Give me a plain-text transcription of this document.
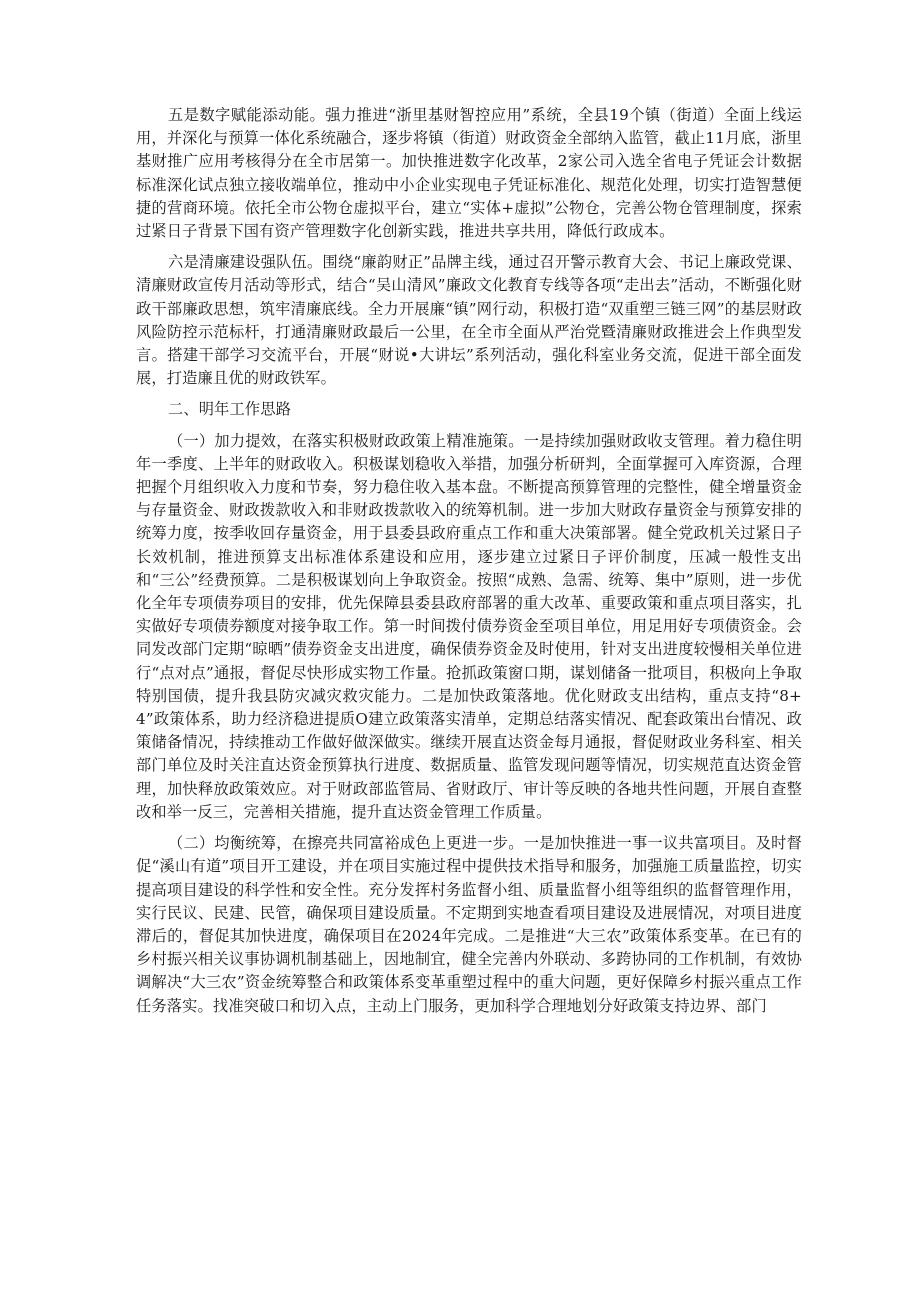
五是数字赋能添动能。强力推进“浙里基财智控应用”系统，全县19个镇（街道）全面上线运用，并深化与预算一体化系统融合，逐步将镇（街道）财政资金全部纳入监管，截止11月底，浙里基财推广应用考核得分在全市居第一。加快推进数字化改革，2家公司入选全省电子凭证会计数据标准深化试点独立接收端单位，推动中小企业实现电子凭证标准化、规范化处理，切实打造智慧便捷的营商环境。依托全市公物仓虚拟平台，建立“实体+虚拟”公物仓，完善公物仓管理制度，探索过紧日子背景下国有资产管理数字化创新实践，推进共享共用，降低行政成本。

六是清廉建设强队伍。围绕“廉韵财正”品牌主线，通过召开警示教育大会、书记上廉政党课、清廉财政宣传月活动等形式，结合“吴山清风”廉政文化教育专线等各项“走出去”活动，不断强化财政干部廉政思想，筑牢清廉底线。全力开展廉“镇”网行动，积极打造“双重塑三链三网”的基层财政风险防控示范标杆，打通清廉财政最后一公里，在全市全面从严治党暨清廉财政推进会上作典型发言。搭建干部学习交流平台，开展“财说•大讲坛”系列活动，强化科室业务交流，促进干部全面发展，打造廉且优的财政铁军。

二、明年工作思路

（一）加力提效，在落实积极财政政策上精准施策。一是持续加强财政收支管理。着力稳住明年一季度、上半年的财政收入。积极谋划稳收入举措，加强分析研判，全面掌握可入库资源，合理把握个月组织收入力度和节奏，努力稳住收入基本盘。不断提高预算管理的完整性，健全增量资金与存量资金、财政拨款收入和非财政拨款收入的统筹机制。进一步加大财政存量资金与预算安排的统筹力度，按季收回存量资金，用于县委县政府重点工作和重大决策部署。健全党政机关过紧日子长效机制，推进预算支出标准体系建设和应用，逐步建立过紧日子评价制度，压减一般性支出和“三公”经费预算。二是积极谋划向上争取资金。按照“成熟、急需、统筹、集中”原则，进一步优化全年专项债券项目的安排，优先保障县委县政府部署的重大改革、重要政策和重点项目落实，扎实做好专项债券额度对接争取工作。第一时间拨付债券资金至项目单位，用足用好专项债资金。会同发改部门定期“晾晒”债券资金支出进度，确保债券资金及时使用，针对支出进度较慢相关单位进行“点对点”通报，督促尽快形成实物工作量。抢抓政策窗口期，谋划储备一批项目，积极向上争取特别国债，提升我县防灾减灾救灾能力。二是加快政策落地。优化财政支出结构，重点支持“8+4”政策体系，助力经济稳进提质O建立政策落实清单，定期总结落实情况、配套政策出台情况、政策储备情况，持续推动工作做好做深做实。继续开展直达资金每月通报，督促财政业务科室、相关部门单位及时关注直达资金预算执行进度、数据质量、监管发现问题等情况，切实规范直达资金管理，加快释放政策效应。对于财政部监管局、省财政厅、审计等反映的各地共性问题，开展自查整改和举一反三，完善相关措施，提升直达资金管理工作质量。

（二）均衡统筹，在擦亮共同富裕成色上更进一步。一是加快推进一事一议共富项目。及时督促“溪山有道”项目开工建设，并在项目实施过程中提供技术指导和服务，加强施工质量监控，切实提高项目建设的科学性和安全性。充分发挥村务监督小组、质量监督小组等组织的监督管理作用，实行民议、民建、民管，确保项目建设质量。不定期到实地查看项目建设及进展情况，对项目进度滞后的，督促其加快进度，确保项目在2024年完成。二是推进“大三农”政策体系变革。在已有的乡村振兴相关议事协调机制基础上，因地制宜，健全完善内外联动、多跨协同的工作机制，有效协调解决“大三农”资金统筹整合和政策体系变革重塑过程中的重大问题，更好保障乡村振兴重点工作任务落实。找准突破口和切入点，主动上门服务，更加科学合理地划分好政策支持边界、部门
